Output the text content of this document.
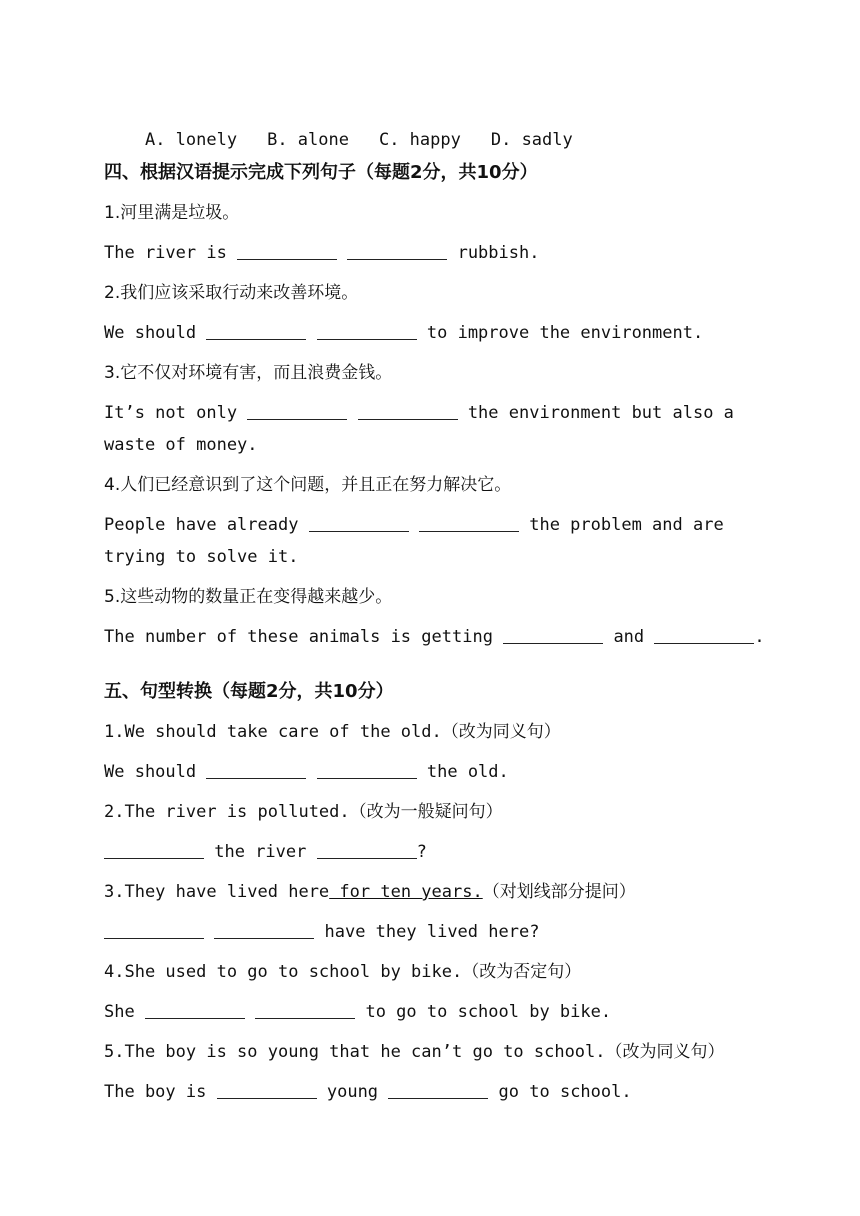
A. lonely B. alone C. happy D. sadly

四、根据汉语提示完成下列句子（每题2分，共10分）
1.河里满是垃圾。
The river is	rubbish.
2.我们应该采取行动来改善环境。
We should	to improve the environment.
3.它不仅对环境有害，而且浪费金钱。
It’s not only	the environment but also a
waste of money.
4.人们已经意识到了这个问题，并且正在努力解决它。
People have already	the problem and are
trying to solve it.
5.这些动物的数量正在变得越来越少。
The number of these animals is getting	and	.
五、句型转换（每题2分，共10分）
1.We should take care of the old.（改为同义句）
We should	the old.
2.The river is polluted.（改为一般疑问句）
the river	?
3.They have lived here for ten years.（对划线部分提问）
have they lived here?
4.She used to go to school by bike.（改为否定句）
She	to go to school by bike.
5.The boy is so young that he can’t go to school.（改为同义句）
The boy is	young	go to school.
